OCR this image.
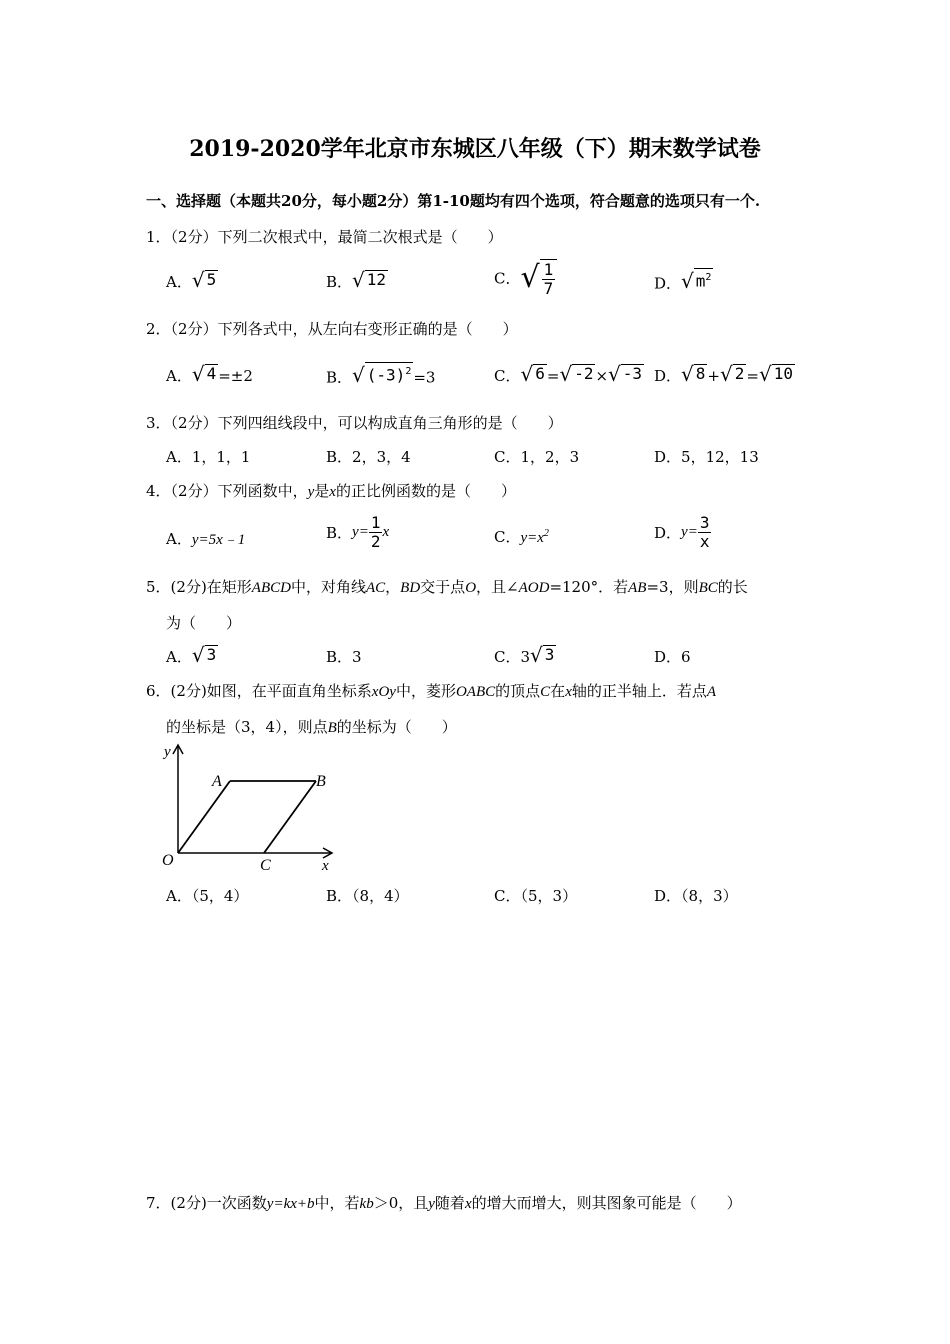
2019-2020学年北京市东城区八年级（下）期末数学试卷
一、选择题（本题共20分，每小题2分）第1-10题均有四个选项，符合题意的选项只有一个.
1．（2分）下列二次根式中，最简二次根式是（　　）
A． √ 5	B． √ 12	C． √ $\frac{1}{7}$	D． √ $m^2$
2．（2分）下列各式中，从左向右变形正确的是（　　）
A． √ 4 =±2	B． √ $(-3)^2 =3$	C． √ 6 = √ -2 × √ -3 D． √ 8 + √ 2 = √ 10
3．（2分）下列四组线段中，可以构成直角三角形的是（　　）
A．1，1，1	B．2，3，4	C．1，2，3	D．5，12，13
4．（2分）下列函数中，y是x的正比例函数的是（　　）
A．y=5x﹣1	B．$y= \frac{1}{2}$ x	C．$y=x^2$	D．$y= \frac{3}{x}$
5．(2分)在矩形ABCD中，对角线AC，BD交于点O，且∠AOD=120°．若AB=3，则BC的长
为（　　）
A． √ 3	B．3	C．3 √ 3	D．6
6．(2分)如图，在平面直角坐标系xOy中，菱形OABC的顶点C在x轴的正半轴上．若点A
的坐标是（3，4），则点B的坐标为（　　）
y
x
O
A	B
C
A．（5，4）	B．（8，4）	C．（5，3）	D．（8，3）
7．(2分)一次函数y=kx+b中，若kb＞0，且y随着x的增大而增大，则其图象可能是（　　）
